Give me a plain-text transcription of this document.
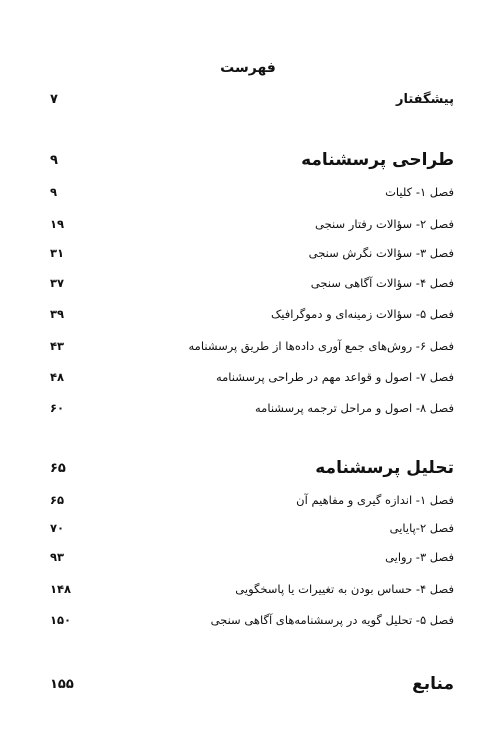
فهرست
پیشگفتار
۷
طراحی پرسشنامه
۹
فصل ۱- کلیات
۹
فصل ۲- سؤالات رفتار سنجی
۱۹
فصل ۳- سؤالات نگرش سنجی
۳۱
فصل ۴- سؤالات آگاهی سنجی
۳۷
فصل ۵- سؤالات زمینه‌ای و دموگرافیک
۳۹
فصل ۶- روش‌های جمع آوری داده‌ها از طریق پرسشنامه
۴۳
فصل ۷- اصول و قواعد مهم در طراحی پرسشنامه
۴۸
فصل ۸- اصول و مراحل ترجمه پرسشنامه
۶۰
تحلیل پرسشنامه
۶۵
فصل ۱- اندازه گیری و مفاهیم آن
۶۵
فصل ۲-پایایی
۷۰
فصل ۳- روایی
۹۳
فصل ۴- حساس بودن به تغییرات یا پاسخگویی
۱۴۸
فصل ۵- تحلیل گویه در پرسشنامه‌های آگاهی سنجی
۱۵۰
منابع
۱۵۵
